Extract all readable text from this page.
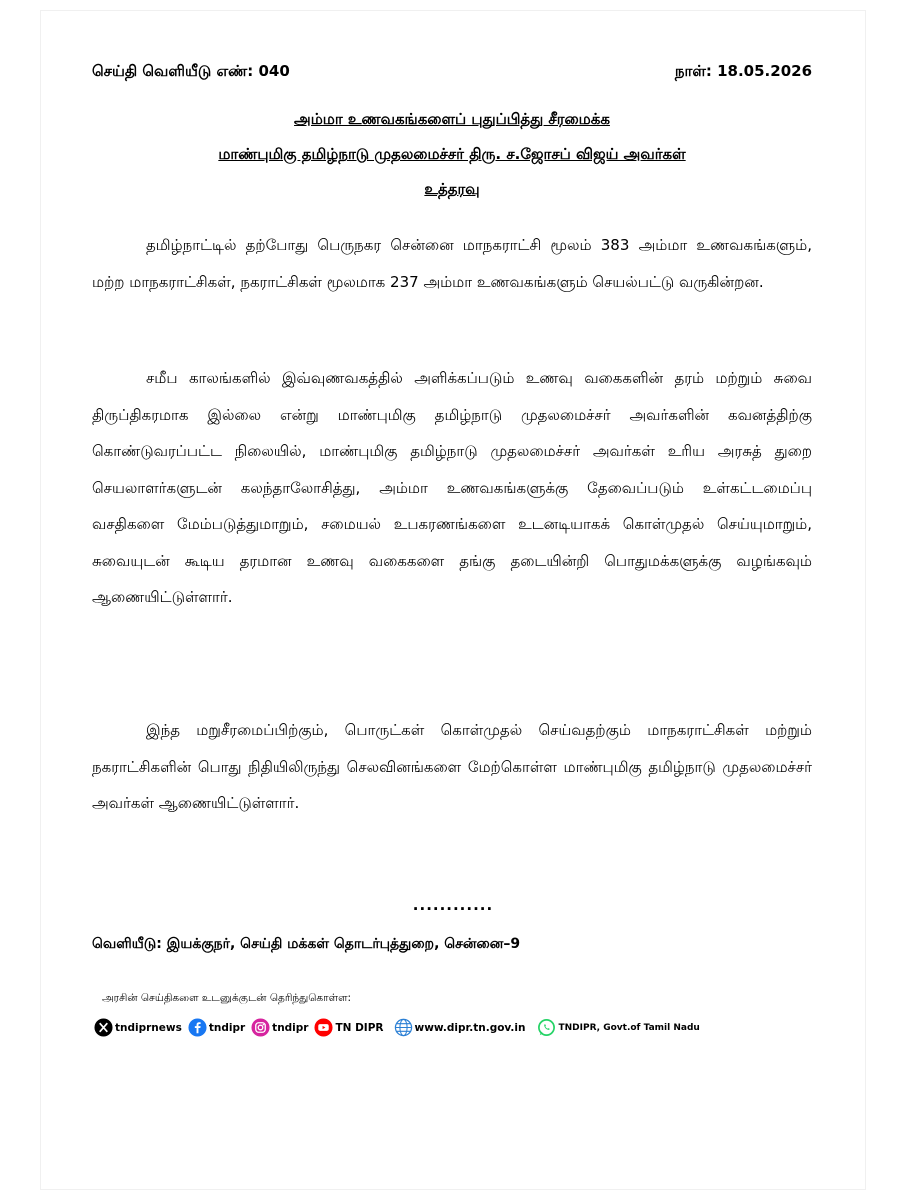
செய்தி வெளியீடு எண்: 040	நாள்: 18.05.2026
அம்மா உணவகங்களைப் புதுப்பித்து சீரமைக்க
மாண்புமிகு தமிழ்நாடு முதலமைச்சர் திரு. ச.ஜோசப் விஜய் அவர்கள்
உத்தரவு

தமிழ்நாட்டில் தற்போது பெருநகர சென்னை மாநகராட்சி மூலம் 383 அம்மா உணவகங்களும், மற்ற மாநகராட்சிகள், நகராட்சிகள் மூலமாக 237 அம்மா உணவகங்களும் செயல்பட்டு வருகின்றன.

சமீப காலங்களில் இவ்வுணவகத்தில் அளிக்கப்படும் உணவு வகைகளின் தரம் மற்றும் சுவை திருப்திகரமாக இல்லை என்று மாண்புமிகு தமிழ்நாடு முதலமைச்சர் அவர்களின் கவனத்திற்கு கொண்டுவரப்பட்ட நிலையில், மாண்புமிகு தமிழ்நாடு முதலமைச்சர் அவர்கள் உரிய அரசுத் துறை செயலாளர்களுடன் கலந்தாலோசித்து, அம்மா உணவகங்களுக்கு தேவைப்படும் உள்கட்டமைப்பு வசதிகளை மேம்படுத்துமாறும், சமையல் உபகரணங்களை உடனடியாகக் கொள்முதல் செய்யுமாறும், சுவையுடன் கூடிய தரமான உணவு வகைகளை தங்கு தடையின்றி பொதுமக்களுக்கு வழங்கவும் ஆணையிட்டுள்ளார்.

இந்த மறுசீரமைப்பிற்கும், பொருட்கள் கொள்முதல் செய்வதற்கும் மாநகராட்சிகள் மற்றும் நகராட்சிகளின் பொது நிதியிலிருந்து செலவினங்களை மேற்கொள்ள மாண்புமிகு தமிழ்நாடு முதலமைச்சர் அவர்கள் ஆணையிட்டுள்ளார்.

............
வெளியீடு: இயக்குநர், செய்தி மக்கள் தொடர்புத்துறை, சென்னை–9
அரசின் செய்திகளை உடனுக்குடன் தெரிந்துகொள்ள:
tndiprnews	tndipr	tndipr	TN DIPR	www.dipr.tn.gov.in	TNDIPR, Govt.of Tamil Nadu
